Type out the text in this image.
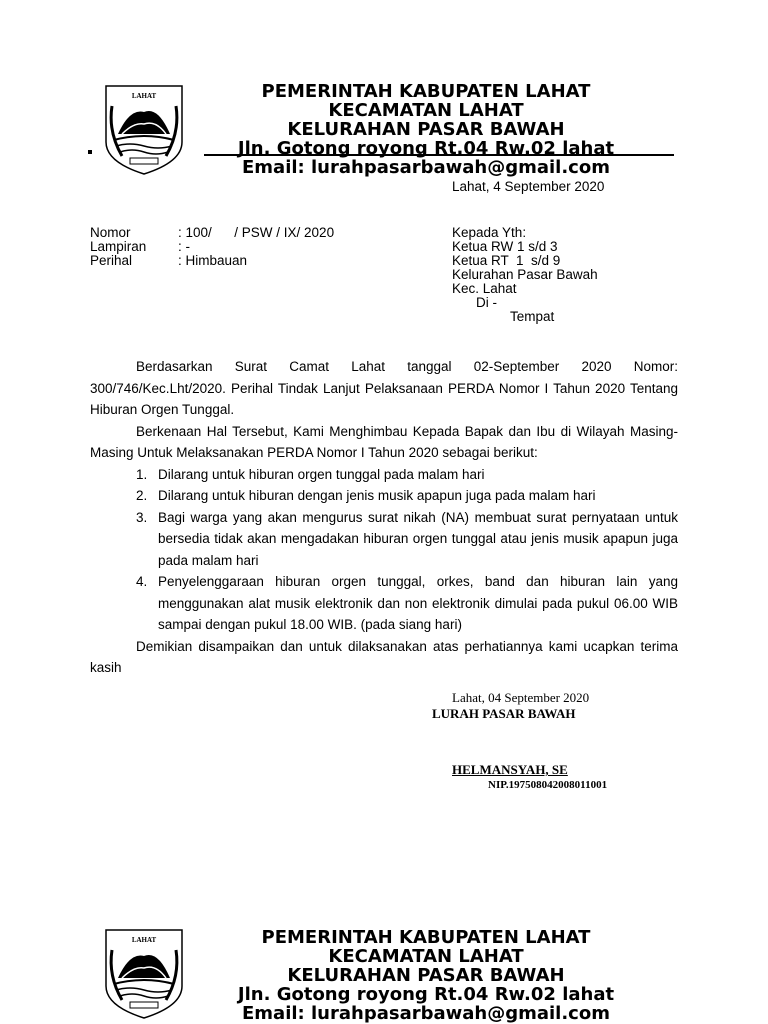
LAHAT	PEMERINTAH KABUPATEN LAHAT
KECAMATAN LAHAT
KELURAHAN PASAR BAWAH
Jln. Gotong royong Rt.04 Rw.02 lahat
Email: lurahpasarbawah@gmail.com
Lahat, 4 September 2020
Nomor	: 100/      / PSW / IX/ 2020
Lampiran : -
Perihal	: Himbauan
Kepada Yth:
Ketua RW 1 s/d 3
Ketua RT  1  s/d 9
Kelurahan Pasar Bawah
Kec. Lahat
Di -
Tempat

Berdasarkan Surat Camat Lahat tanggal 02-September 2020 Nomor: 300/746/Kec.Lht/2020. Perihal Tindak Lanjut Pelaksanaan PERDA Nomor I Tahun 2020 Tentang Hiburan Orgen Tunggal.

Berkenaan Hal Tersebut, Kami Menghimbau Kepada Bapak dan Ibu di Wilayah Masing-Masing Untuk Melaksanakan PERDA Nomor I Tahun 2020 sebagai berikut:

1. Dilarang untuk hiburan orgen tunggal pada malam hari
2. Dilarang untuk hiburan dengan jenis musik apapun juga pada malam hari
3. Bagi warga yang akan mengurus surat nikah (NA) membuat surat pernyataan untuk bersedia tidak akan mengadakan hiburan orgen tunggal atau jenis musik apapun juga pada malam hari
4. Penyelenggaraan hiburan orgen tunggal, orkes, band dan hiburan lain yang menggunakan alat musik elektronik dan non elektronik dimulai pada pukul 06.00 WIB sampai dengan pukul 18.00 WIB. (pada siang hari)

Demikian disampaikan dan untuk dilaksanakan atas perhatiannya kami ucapkan terima kasih

Lahat, 04 September 2020
LURAH PASAR BAWAH
HELMANSYAH, SE
NIP.197508042008011001
LAHAT	PEMERINTAH KABUPATEN LAHAT
KECAMATAN LAHAT
KELURAHAN PASAR BAWAH
Jln. Gotong royong Rt.04 Rw.02 lahat
Email: lurahpasarbawah@gmail.com
